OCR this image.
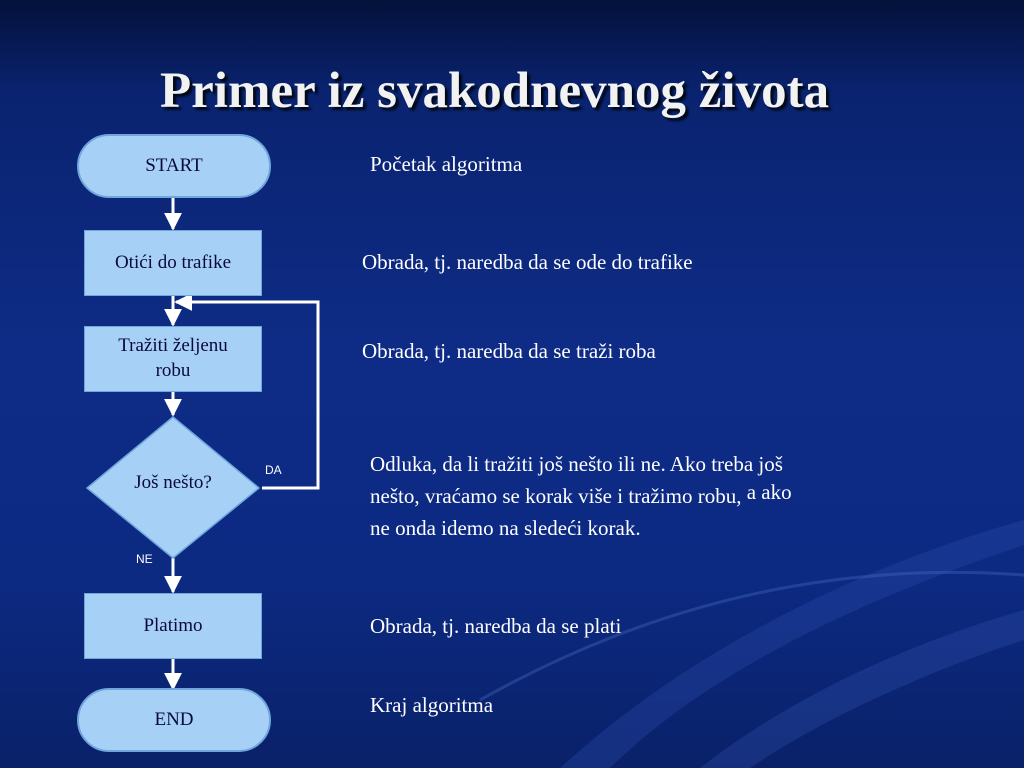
Primer iz svakodnevnog života
START
Otići do trafike
Tražiti željenu
robu
Još nešto?
DA
NE
Platimo
END

Početak algoritma

Obrada, tj. naredba da se ode do trafike

Obrada, tj. naredba da se traži roba

Odluka, da li tražiti još nešto ili ne. Ako treba još
nešto, vraćamo se korak više i tražimo robu, a ako
ne onda idemo na sledeći korak.

Obrada, tj. naredba da se plati

Kraj algoritma
